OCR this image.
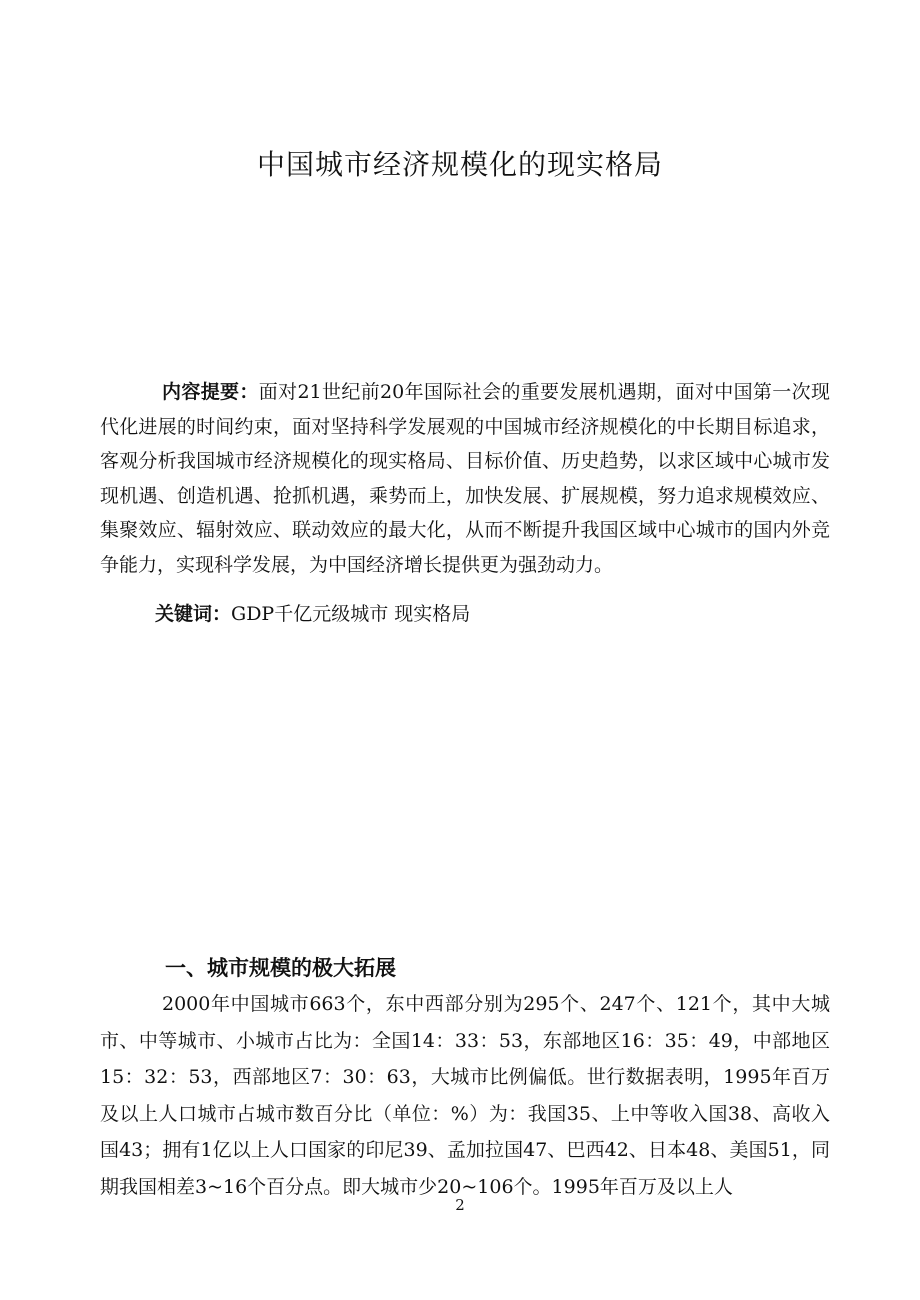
中国城市经济规模化的现实格局

内容提要：面对21世纪前20年国际社会的重要发展机遇期，面对中国第一次现代化进展的时间约束，面对坚持科学发展观的中国城市经济规模化的中长期目标追求，客观分析我国城市经济规模化的现实格局、目标价值、历史趋势，以求区域中心城市发现机遇、创造机遇、抢抓机遇，乘势而上，加快发展、扩展规模，努力追求规模效应、集聚效应、辐射效应、联动效应的最大化，从而不断提升我国区域中心城市的国内外竞争能力，实现科学发展，为中国经济增长提供更为强劲动力。

关键词：GDP千亿元级城市 现实格局
一、城市规模的极大拓展

2000年中国城市663个，东中西部分别为295个、247个、121个，其中大城市、中等城市、小城市占比为：全国14：33：53，东部地区16：35：49，中部地区15：32：53，西部地区7：30：63，大城市比例偏低。世行数据表明，1995年百万及以上人口城市占城市数百分比（单位：%）为：我国35、上中等收入国38、高收入国43；拥有1亿以上人口国家的印尼39、孟加拉国47、巴西42、日本48、美国51，同期我国相差3~16个百分点。即大城市少20~106个。1995年百万及以上人

2
